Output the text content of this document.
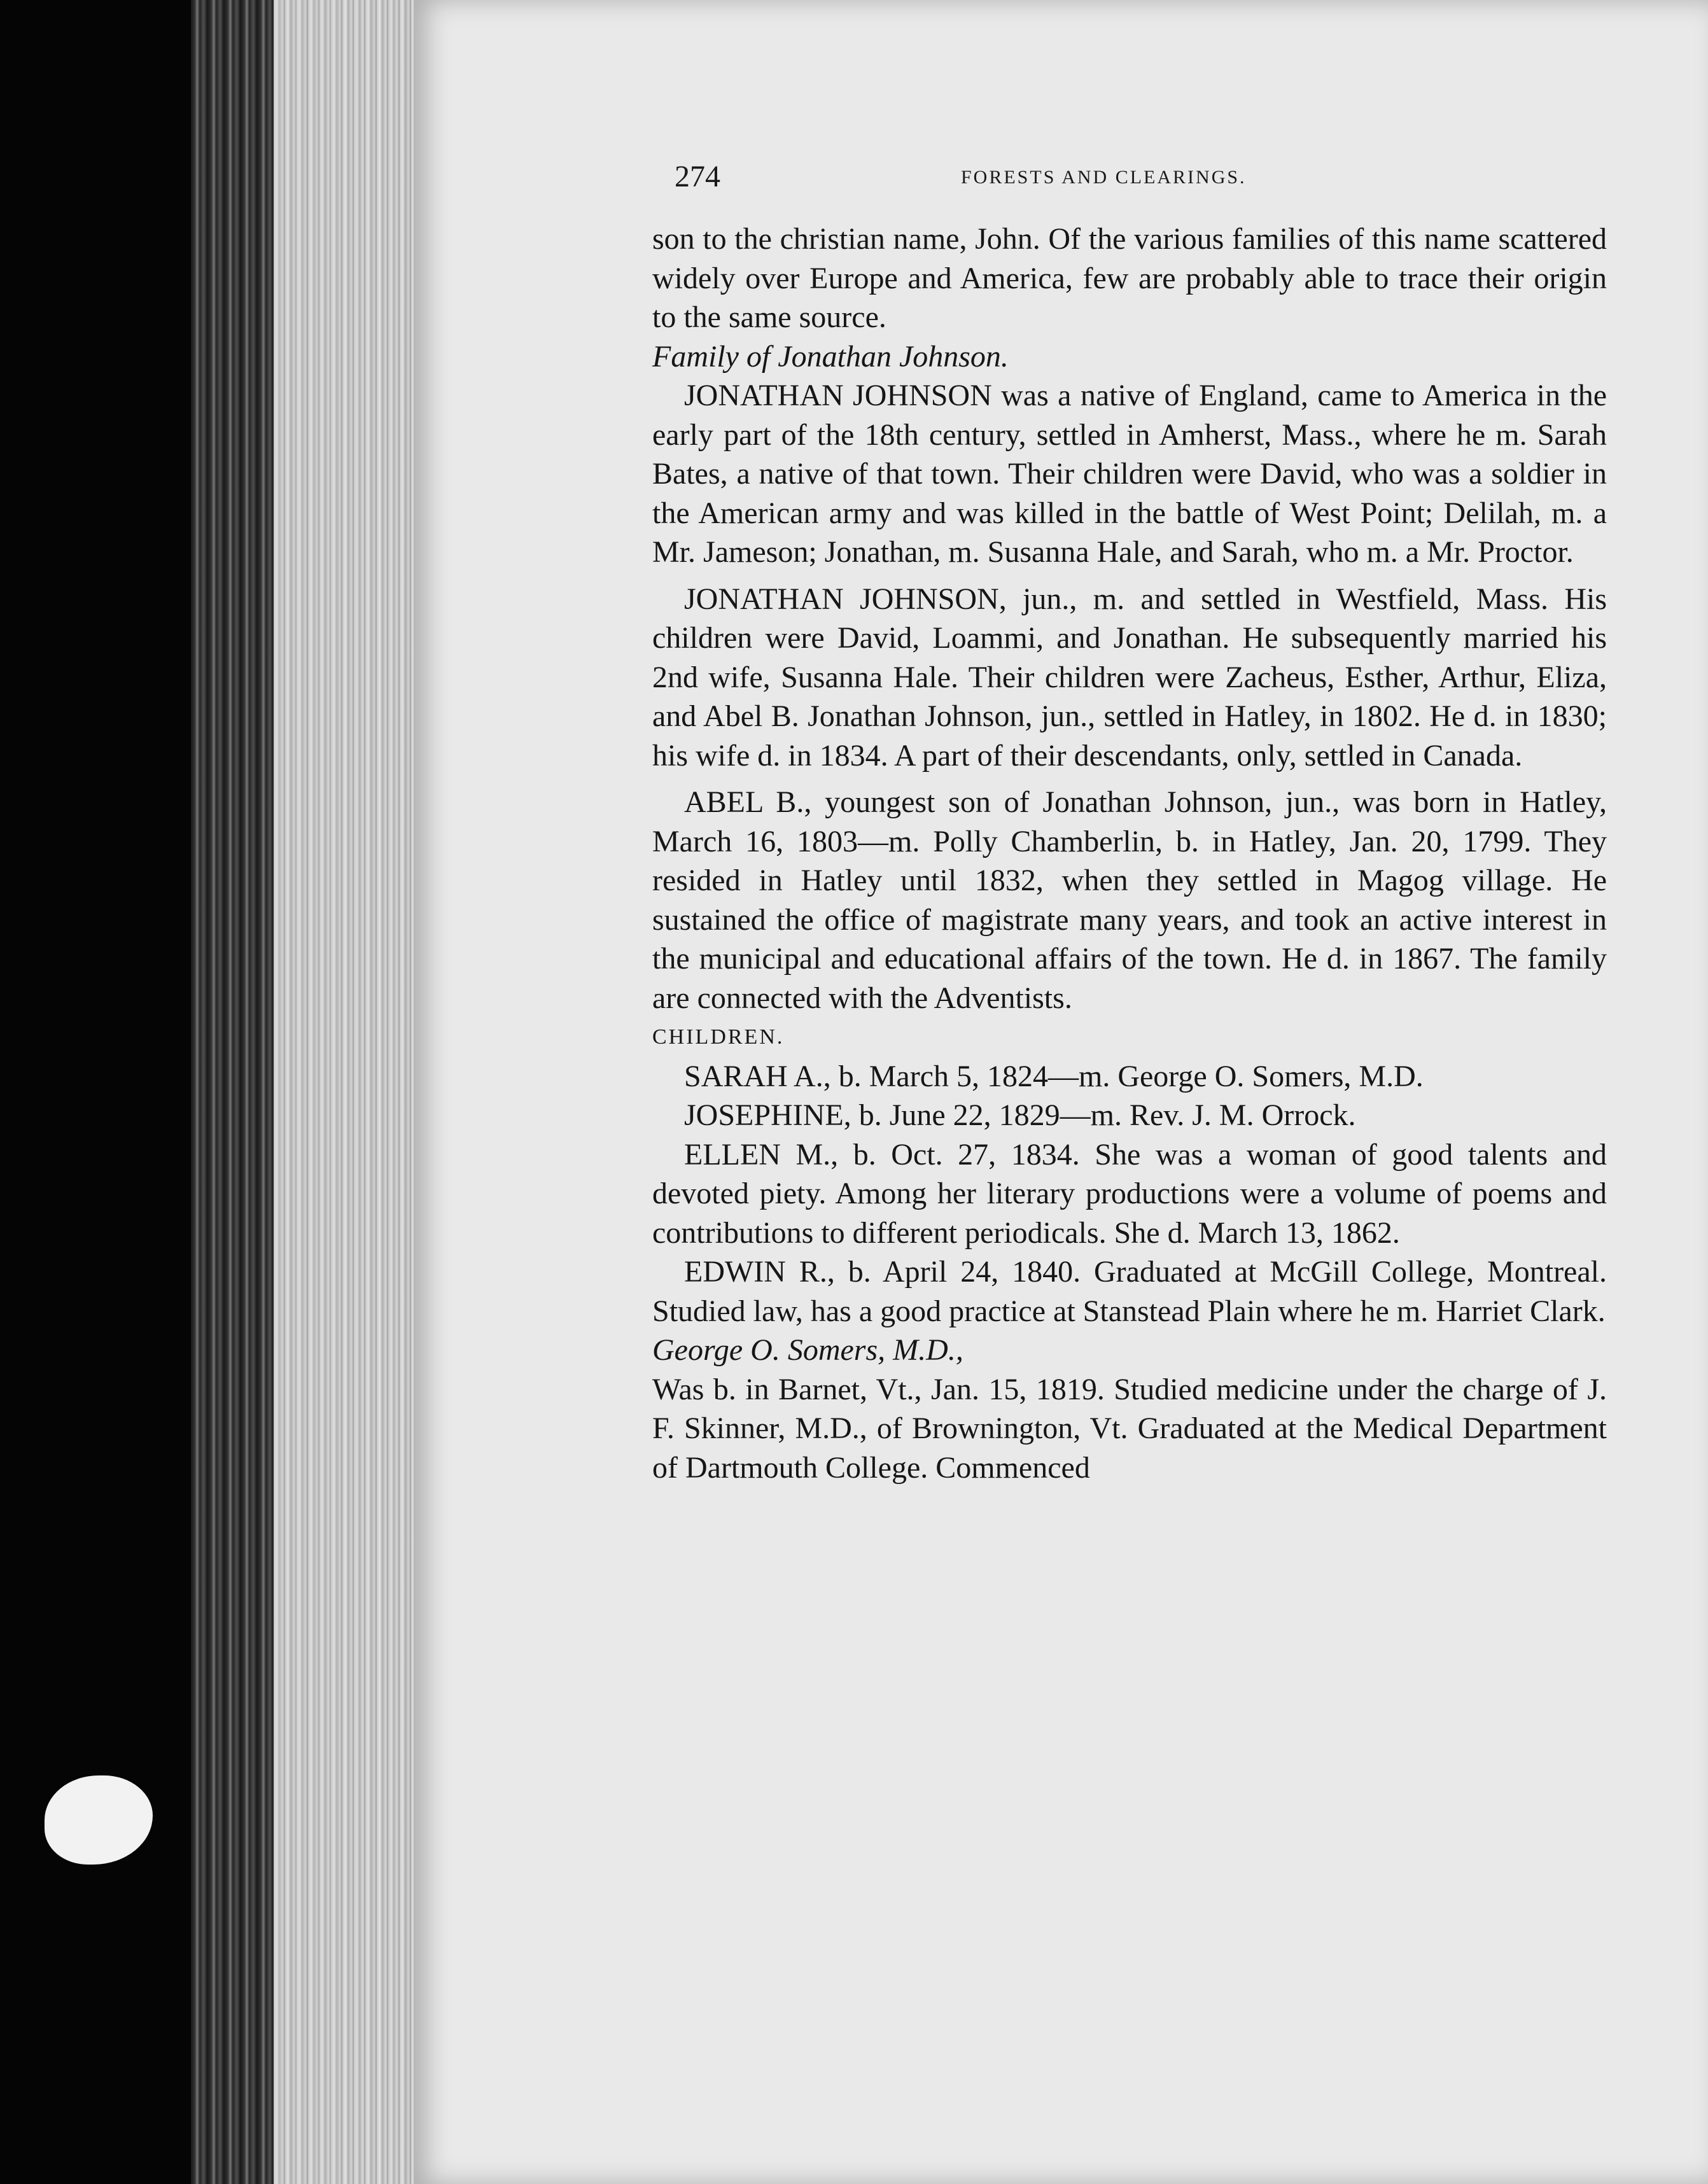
274	FORESTS AND CLEARINGS.

son to the christian name, John. Of the various families of this name scattered widely over Europe and America, few are probably able to trace their origin to the same source.

Family of Jonathan Johnson.

JONATHAN JOHNSON was a native of England, came to America in the early part of the 18th century, settled in Amherst, Mass., where he m. Sarah Bates, a native of that town. Their children were David, who was a soldier in the American army and was killed in the battle of West Point; Delilah, m. a Mr. Jameson; Jonathan, m. Susanna Hale, and Sarah, who m. a Mr. Proctor.

JONATHAN JOHNSON, jun., m. and settled in Westfield, Mass. His children were David, Loammi, and Jonathan. He subsequently married his 2nd wife, Susanna Hale. Their children were Zacheus, Esther, Arthur, Eliza, and Abel B. Jonathan Johnson, jun., settled in Hatley, in 1802. He d. in 1830; his wife d. in 1834. A part of their descendants, only, settled in Canada.

ABEL B., youngest son of Jonathan Johnson, jun., was born in Hatley, March 16, 1803—m. Polly Chamberlin, b. in Hatley, Jan. 20, 1799. They resided in Hatley until 1832, when they settled in Magog village. He sustained the office of magistrate many years, and took an active interest in the municipal and educational affairs of the town. He d. in 1867. The family are connected with the Adventists.

CHILDREN.

SARAH A., b. March 5, 1824—m. George O. Somers, M.D.

JOSEPHINE, b. June 22, 1829—m. Rev. J. M. Orrock.

ELLEN M., b. Oct. 27, 1834. She was a woman of good talents and devoted piety. Among her literary productions were a volume of poems and contributions to different periodicals. She d. March 13, 1862.

EDWIN R., b. April 24, 1840. Graduated at McGill College, Montreal. Studied law, has a good practice at Stanstead Plain where he m. Harriet Clark.

George O. Somers, M.D.,

Was b. in Barnet, Vt., Jan. 15, 1819. Studied medicine under the charge of J. F. Skinner, M.D., of Brownington, Vt. Graduated at the Medical Department of Dartmouth College. Commenced
